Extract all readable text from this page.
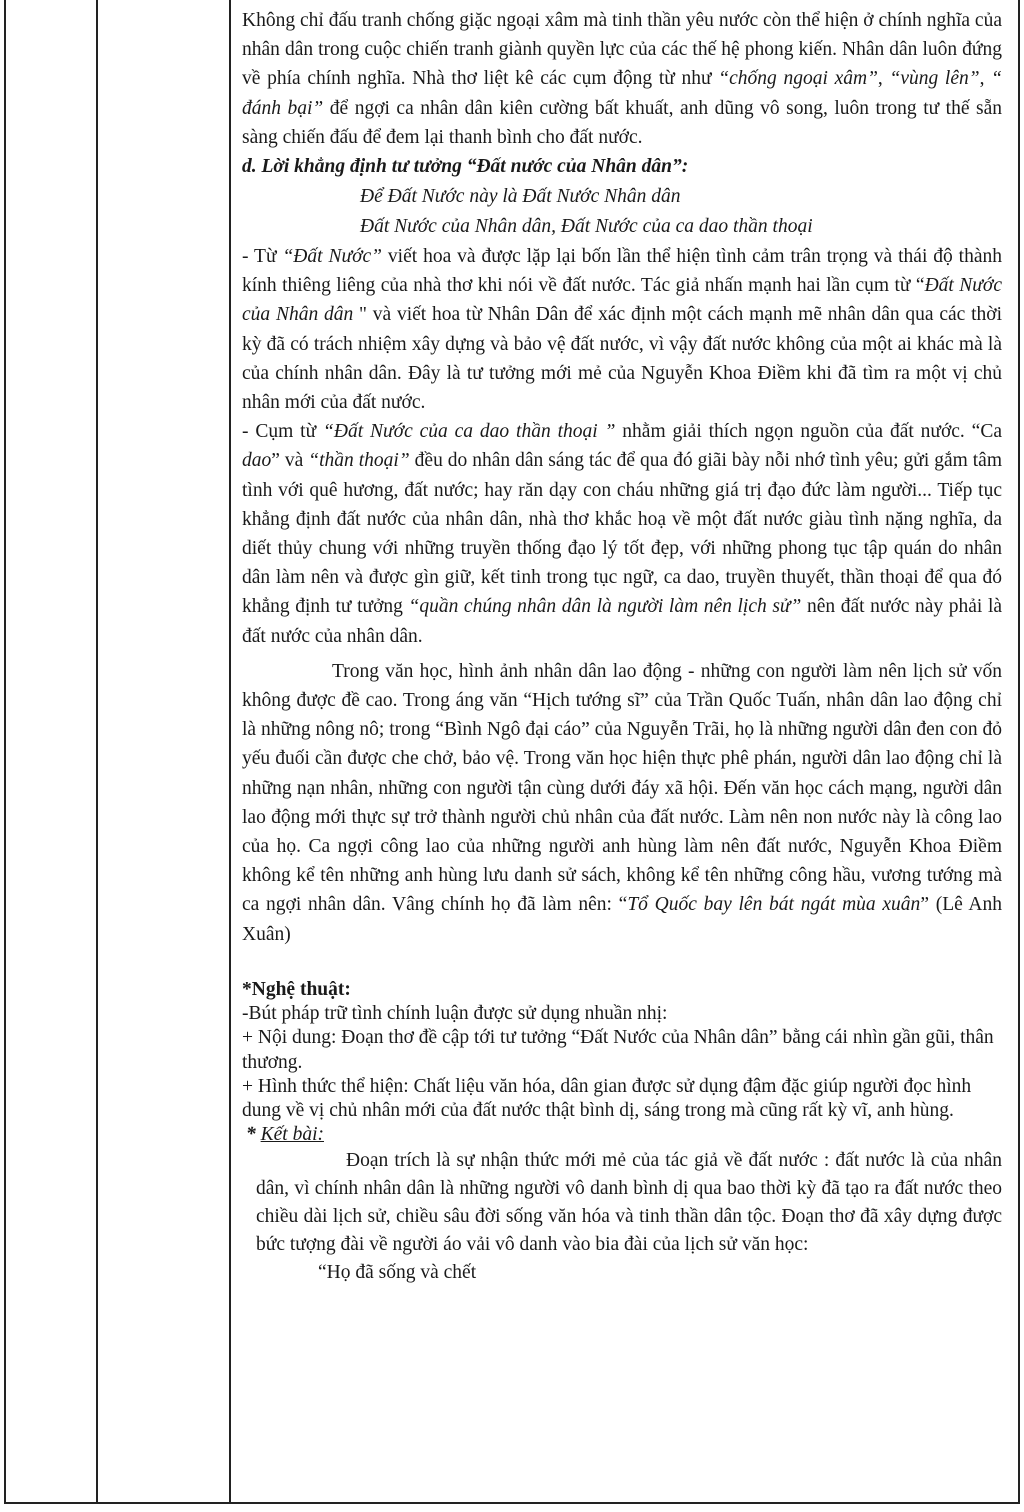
Không chỉ đấu tranh chống giặc ngoại xâm mà tinh thần yêu nước còn thể hiện ở chính nghĩa của nhân dân trong cuộc chiến tranh giành quyền lực của các thế hệ phong kiến. Nhân dân luôn đứng về phía chính nghĩa. Nhà thơ liệt kê các cụm động từ như “chống ngoại xâm”, “vùng lên”, “ đánh bại” để ngợi ca nhân dân kiên cường bất khuất, anh dũng vô song, luôn trong tư thế sẵn sàng chiến đấu để đem lại thanh bình cho đất nước.

d. Lời khẳng định tư tưởng “Đất nước của Nhân dân”:

Để Đất Nước này là Đất Nước Nhân dân

Đất Nước của Nhân dân, Đất Nước của ca dao thần thoại

- Từ “Đất Nước” viết hoa và được lặp lại bốn lần thể hiện tình cảm trân trọng và thái độ thành kính thiêng liêng của nhà thơ khi nói về đất nước. Tác giả nhấn mạnh hai lần cụm từ “Đất Nước của Nhân dân " và viết hoa từ Nhân Dân để xác định một cách mạnh mẽ nhân dân qua các thời kỳ đã có trách nhiệm xây dựng và bảo vệ đất nước, vì vậy đất nước không của một ai khác mà là của chính nhân dân. Đây là tư tưởng mới mẻ của Nguyễn Khoa Điềm khi đã tìm ra một vị chủ nhân mới của đất nước.

- Cụm từ “Đất Nước của ca dao thần thoại ” nhằm giải thích ngọn nguồn của đất nước. “Ca dao” và “thần thoại” đều do nhân dân sáng tác để qua đó giãi bày nỗi nhớ tình yêu; gửi gắm tâm tình với quê hương, đất nước; hay răn dạy con cháu những giá trị đạo đức làm người... Tiếp tục khẳng định đất nước của nhân dân, nhà thơ khắc hoạ về một đất nước giàu tình nặng nghĩa, da diết thủy chung với những truyền thống đạo lý tốt đẹp, với những phong tục tập quán do nhân dân làm nên và được gìn giữ, kết tinh trong tục ngữ, ca dao, truyền thuyết, thần thoại để qua đó khẳng định tư tưởng “quần chúng nhân dân là người làm nên lịch sử” nên đất nước này phải là đất nước của nhân dân.

Trong văn học, hình ảnh nhân dân lao động - những con người làm nên lịch sử vốn không được đề cao. Trong áng văn “Hịch tướng sĩ” của Trần Quốc Tuấn, nhân dân lao động chỉ là những nông nô; trong “Bình Ngô đại cáo” của Nguyễn Trãi, họ là những người dân đen con đỏ yếu đuối cần được che chở, bảo vệ. Trong văn học hiện thực phê phán, người dân lao động chỉ là những nạn nhân, những con người tận cùng dưới đáy xã hội. Đến văn học cách mạng, người dân lao động mới thực sự trở thành người chủ nhân của đất nước. Làm nên non nước này là công lao của họ. Ca ngợi công lao của những người anh hùng làm nên đất nước, Nguyễn Khoa Điềm không kể tên những anh hùng lưu danh sử sách, không kể tên những công hầu, vương tướng mà ca ngợi nhân dân. Vâng chính họ đã làm nên: “Tổ Quốc bay lên bát ngát mùa xuân” (Lê Anh Xuân)

*Nghệ thuật:

-Bút pháp trữ tình chính luận được sử dụng nhuần nhị:

+ Nội dung: Đoạn thơ đề cập tới tư tưởng “Đất Nước của Nhân dân” bằng cái nhìn gần gũi, thân thương.

+ Hình thức thể hiện: Chất liệu văn hóa, dân gian được sử dụng đậm đặc giúp người đọc hình dung về vị chủ nhân mới của đất nước thật bình dị, sáng trong mà cũng rất kỳ vĩ, anh hùng.

* Kết bài:

Đoạn trích là sự nhận thức mới mẻ của tác giả về đất nước : đất nước là của nhân dân, vì chính nhân dân là những người vô danh bình dị qua bao thời kỳ đã tạo ra đất nước theo chiều dài lịch sử, chiều sâu đời sống văn hóa và tinh thần dân tộc. Đoạn thơ đã xây dựng được bức tượng đài về người áo vải vô danh vào bia đài của lịch sử văn học:

“Họ đã sống và chết
